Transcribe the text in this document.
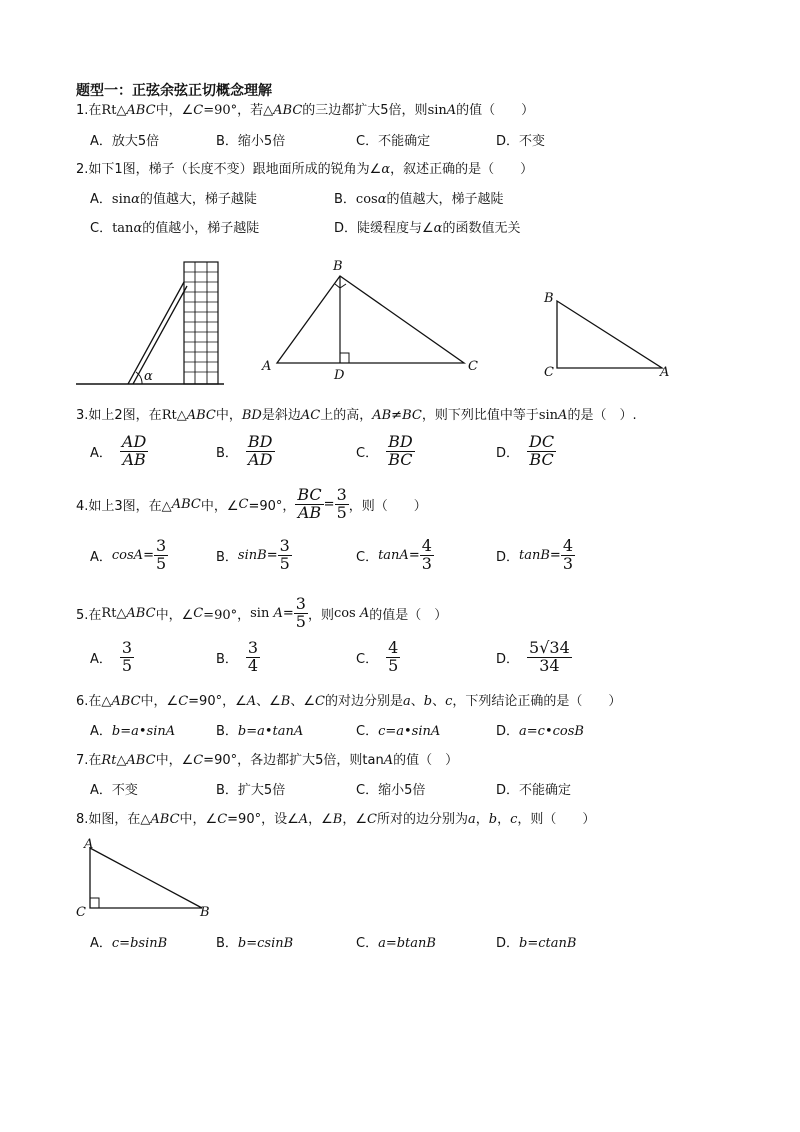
题型一：正弦余弦正切概念理解
1.在Rt△ABC中，∠C=90°，若△ABC的三边都扩大5倍，则sinA的值（　　）
A．放大5倍	B．缩小5倍	C．不能确定	D．不变
2.如下1图，梯子（长度不变）跟地面所成的锐角为∠α，叙述正确的是（　　）
A．sinα的值越大，梯子越陡	B．cosα的值越大，梯子越陡
C．tanα的值越小，梯子越陡	D．陡缓程度与∠α的函数值无关
α
B
A
D
C
B
C	A
3.如上2图，在Rt△ABC中，BD是斜边AC上的高，AB≠BC，则下列比值中等于sinA的是（　）.
A． $\frac{AD}{AB}$	B． $\frac{BD}{AD}$	C． $\frac{BD}{BC}$	D． $\frac{DC}{BC}$
4.如上3图，在△ ABC 中，∠ C =90°， $\frac{BC}{AB} = \frac{3}{5}$ ，则（　　）
A． $\cos A = \frac{3}{5}$	B． $\sin B = \frac{3}{5}$	C． $\tan A = \frac{4}{3}$	D． $\tan B = \frac{4}{3}$
5.在 Rt△ ABC 中，∠ C =90°， sin
$A = \frac{3}{5}$ ，则 cos
A 的值是（　）
A． $\frac{3}{5}$	B． $\frac{3}{4}$	C． $\frac{4}{5}$	D． $\frac{5√34}{34}$
6.在△ABC中，∠C=90°，∠A、∠B、∠C的对边分别是a、b、c，下列结论正确的是（　　）
A．b=a•sinA	B．b=a•tanA	C．c=a•sinA	D．a=c•cosB
7.在Rt△ABC中，∠C=90°，各边都扩大5倍，则tanA的值（　）
A．不变	B．扩大5倍	C．缩小5倍	D．不能确定
8.如图，在△ABC中，∠C=90°，设∠A，∠B，∠C所对的边分别为a，b，c，则（　　）
A
C	B
A．c=bsinB	B．b=csinB	C．a=btanB	D．b=ctanB
